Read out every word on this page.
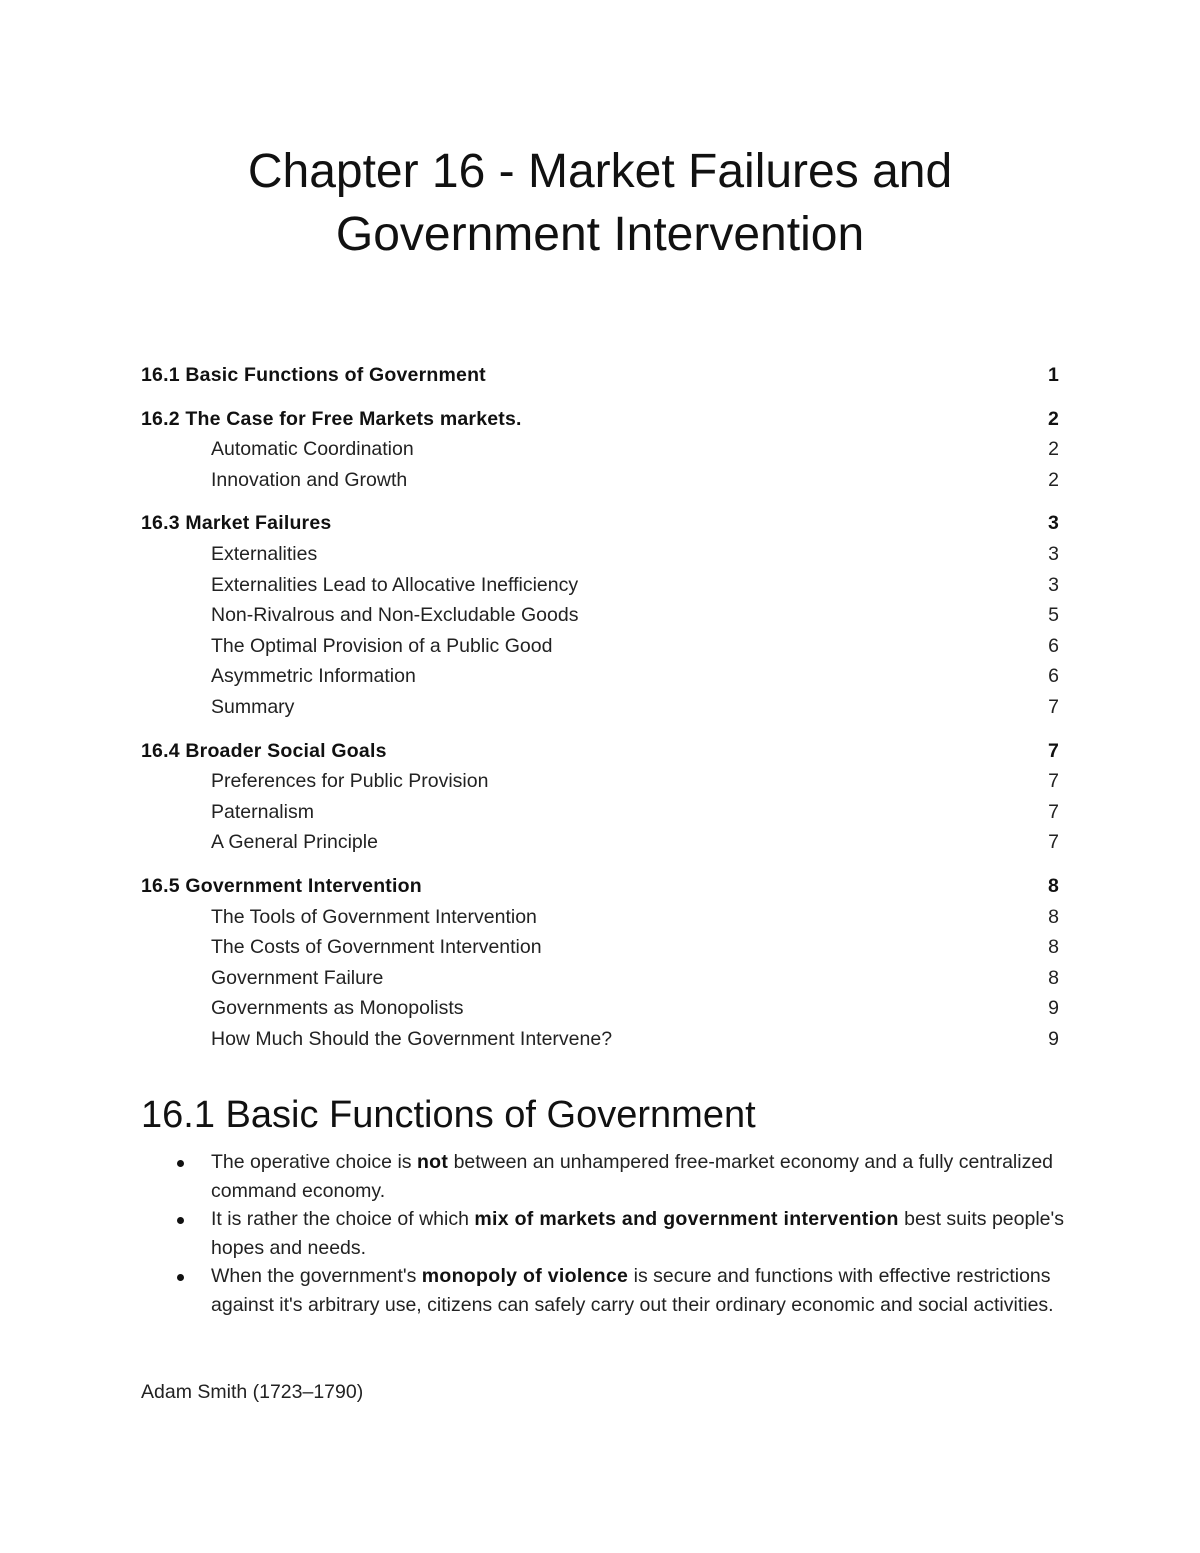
Chapter 16 - Market Failures and
Government Intervention
16.1 Basic Functions of Government	1
16.2 The Case for Free Markets markets.	2
Automatic Coordination	2
Innovation and Growth	2
16.3 Market Failures	3
Externalities	3
Externalities Lead to Allocative Inefficiency	3
Non-Rivalrous and Non-Excludable Goods	5
The Optimal Provision of a Public Good	6
Asymmetric Information	6
Summary	7
16.4 Broader Social Goals	7
Preferences for Public Provision	7
Paternalism	7
A General Principle	7
16.5 Government Intervention	8
The Tools of Government Intervention	8
The Costs of Government Intervention	8
Government Failure	8
Governments as Monopolists	9
How Much Should the Government Intervene?	9
16.1 Basic Functions of Government
The operative choice is not between an unhampered free-market economy and a fully centralized command economy.
It is rather the choice of which mix of markets and government intervention best suits people's hopes and needs.
When the government's monopoly of violence is secure and functions with effective restrictions against it's arbitrary use, citizens can safely carry out their ordinary economic and social activities.
Adam Smith (1723–1790)
